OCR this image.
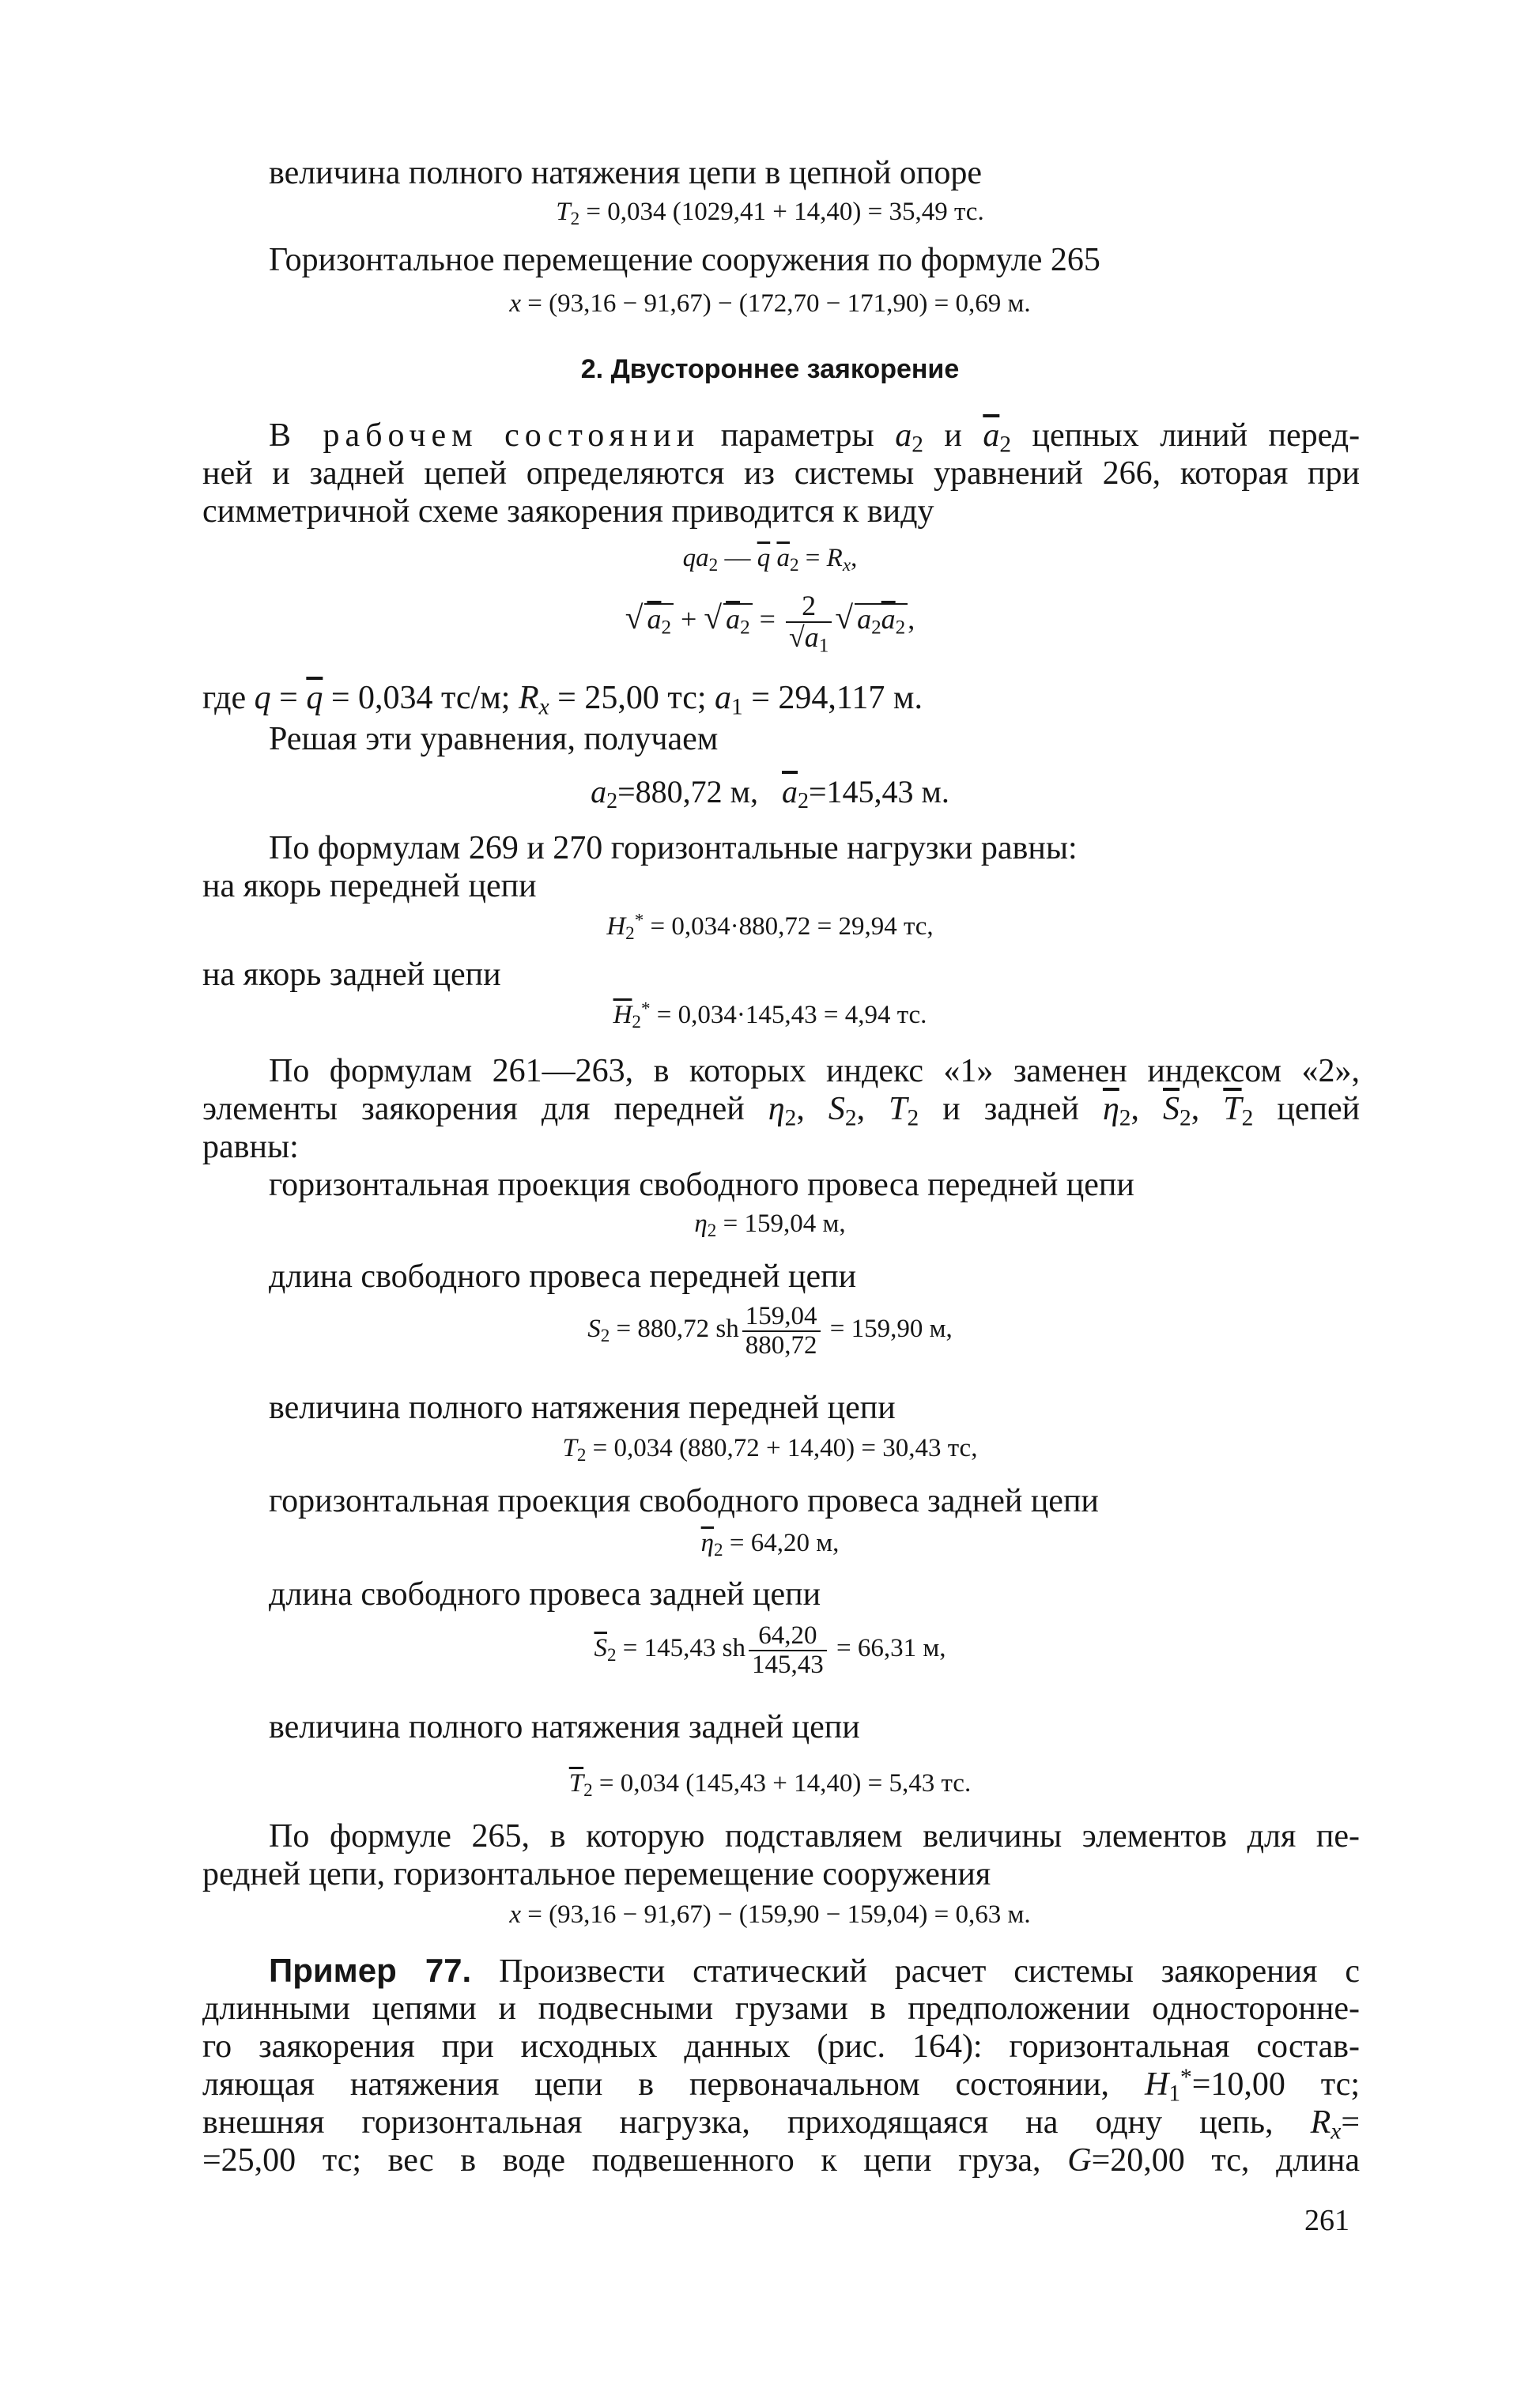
величина полного натяжения цепи в цепной опоре
$T_2 = 0,034$ (1029,41 + 14,40) = 35,49 тс.
Горизонтальное перемещение сооружения по формуле 265
x = (93,16 − 91,67) − (172,70 − 171,90) = 0,69 м.
2. Двустороннее заякорение
В рабочем состоянии параметры $a_2$ и $\overline{a}_2$ цепных линий перед-
ней и задней цепей определяются из системы уравнений 266, которая при
симметричной схеме заякорения приводится к виду
$qa_2$ — $\overline{q}$ $\overline{a}_2 = R_x$,
√ $a_2$ + √ $a_2 = \frac{2}{√a_1}$ √ $a_2\overline{a}_2$,
где $q = \overline{q} = 0,034$ тс/м; $R_x = 25,00$ тс; $a_1 = 294,117$ м.
Решая эти уравнения, получаем
$a_2=880,72$ м, $\overline{a}_2=145,43$ м.
По формулам 269 и 270 горизонтальные нагрузки равны:
на якорь передней цепи
$H_2^* = 0,034\cdot 880,72 = 29,94$ тс,
на якорь задней цепи
$\overline{H}_2^* = 0,034\cdot 145,43 = 4,94$ тс.
По формулам 261—263, в которых индекс «1» заменен индексом «2»,
элементы заякорения для передней $\eta_2$, $S_2$, $T_2$ и задней $\overline{\eta}_2$, $\overline{S}_2$, $\overline{T}_2$ цепей
равны:
горизонтальная проекция свободного провеса передней цепи
$\eta_2 = 159,04$ м,
длина свободного провеса передней цепи
$S_2 = 880,72$ sh $\frac{159,04}{880,72} = 159,90$ м,
величина полного натяжения передней цепи
$T_2 = 0,034$ (880,72 + 14,40) = 30,43 тс,
горизонтальная проекция свободного провеса задней цепи
$\overline{\eta}_2 = 64,20$ м,
длина свободного провеса задней цепи
$\overline{S}_2 = 145,43$ sh $\frac{64,20}{145,43} = 66,31$ м,
величина полного натяжения задней цепи
$\overline{T}_2 = 0,034$ (145,43 + 14,40) = 5,43 тс.
По формуле 265, в которую подставляем величины элементов для пе-
редней цепи, горизонтальное перемещение сооружения
x = (93,16 − 91,67) − (159,90 − 159,04) = 0,63 м.
Пример 77. Произвести статический расчет системы заякорения с
длинными цепями и подвесными грузами в предположении односторонне-
го заякорения при исходных данных (рис. 164): горизонтальная состав-
ляющая натяжения цепи в первоначальном состоянии, $H_1^*=10,00$ тс;
внешняя горизонтальная нагрузка, приходящаяся на одну цепь, $R_x=$
=25,00 тс; вес в воде подвешенного к цепи груза, G=20,00 тс, длина
261
